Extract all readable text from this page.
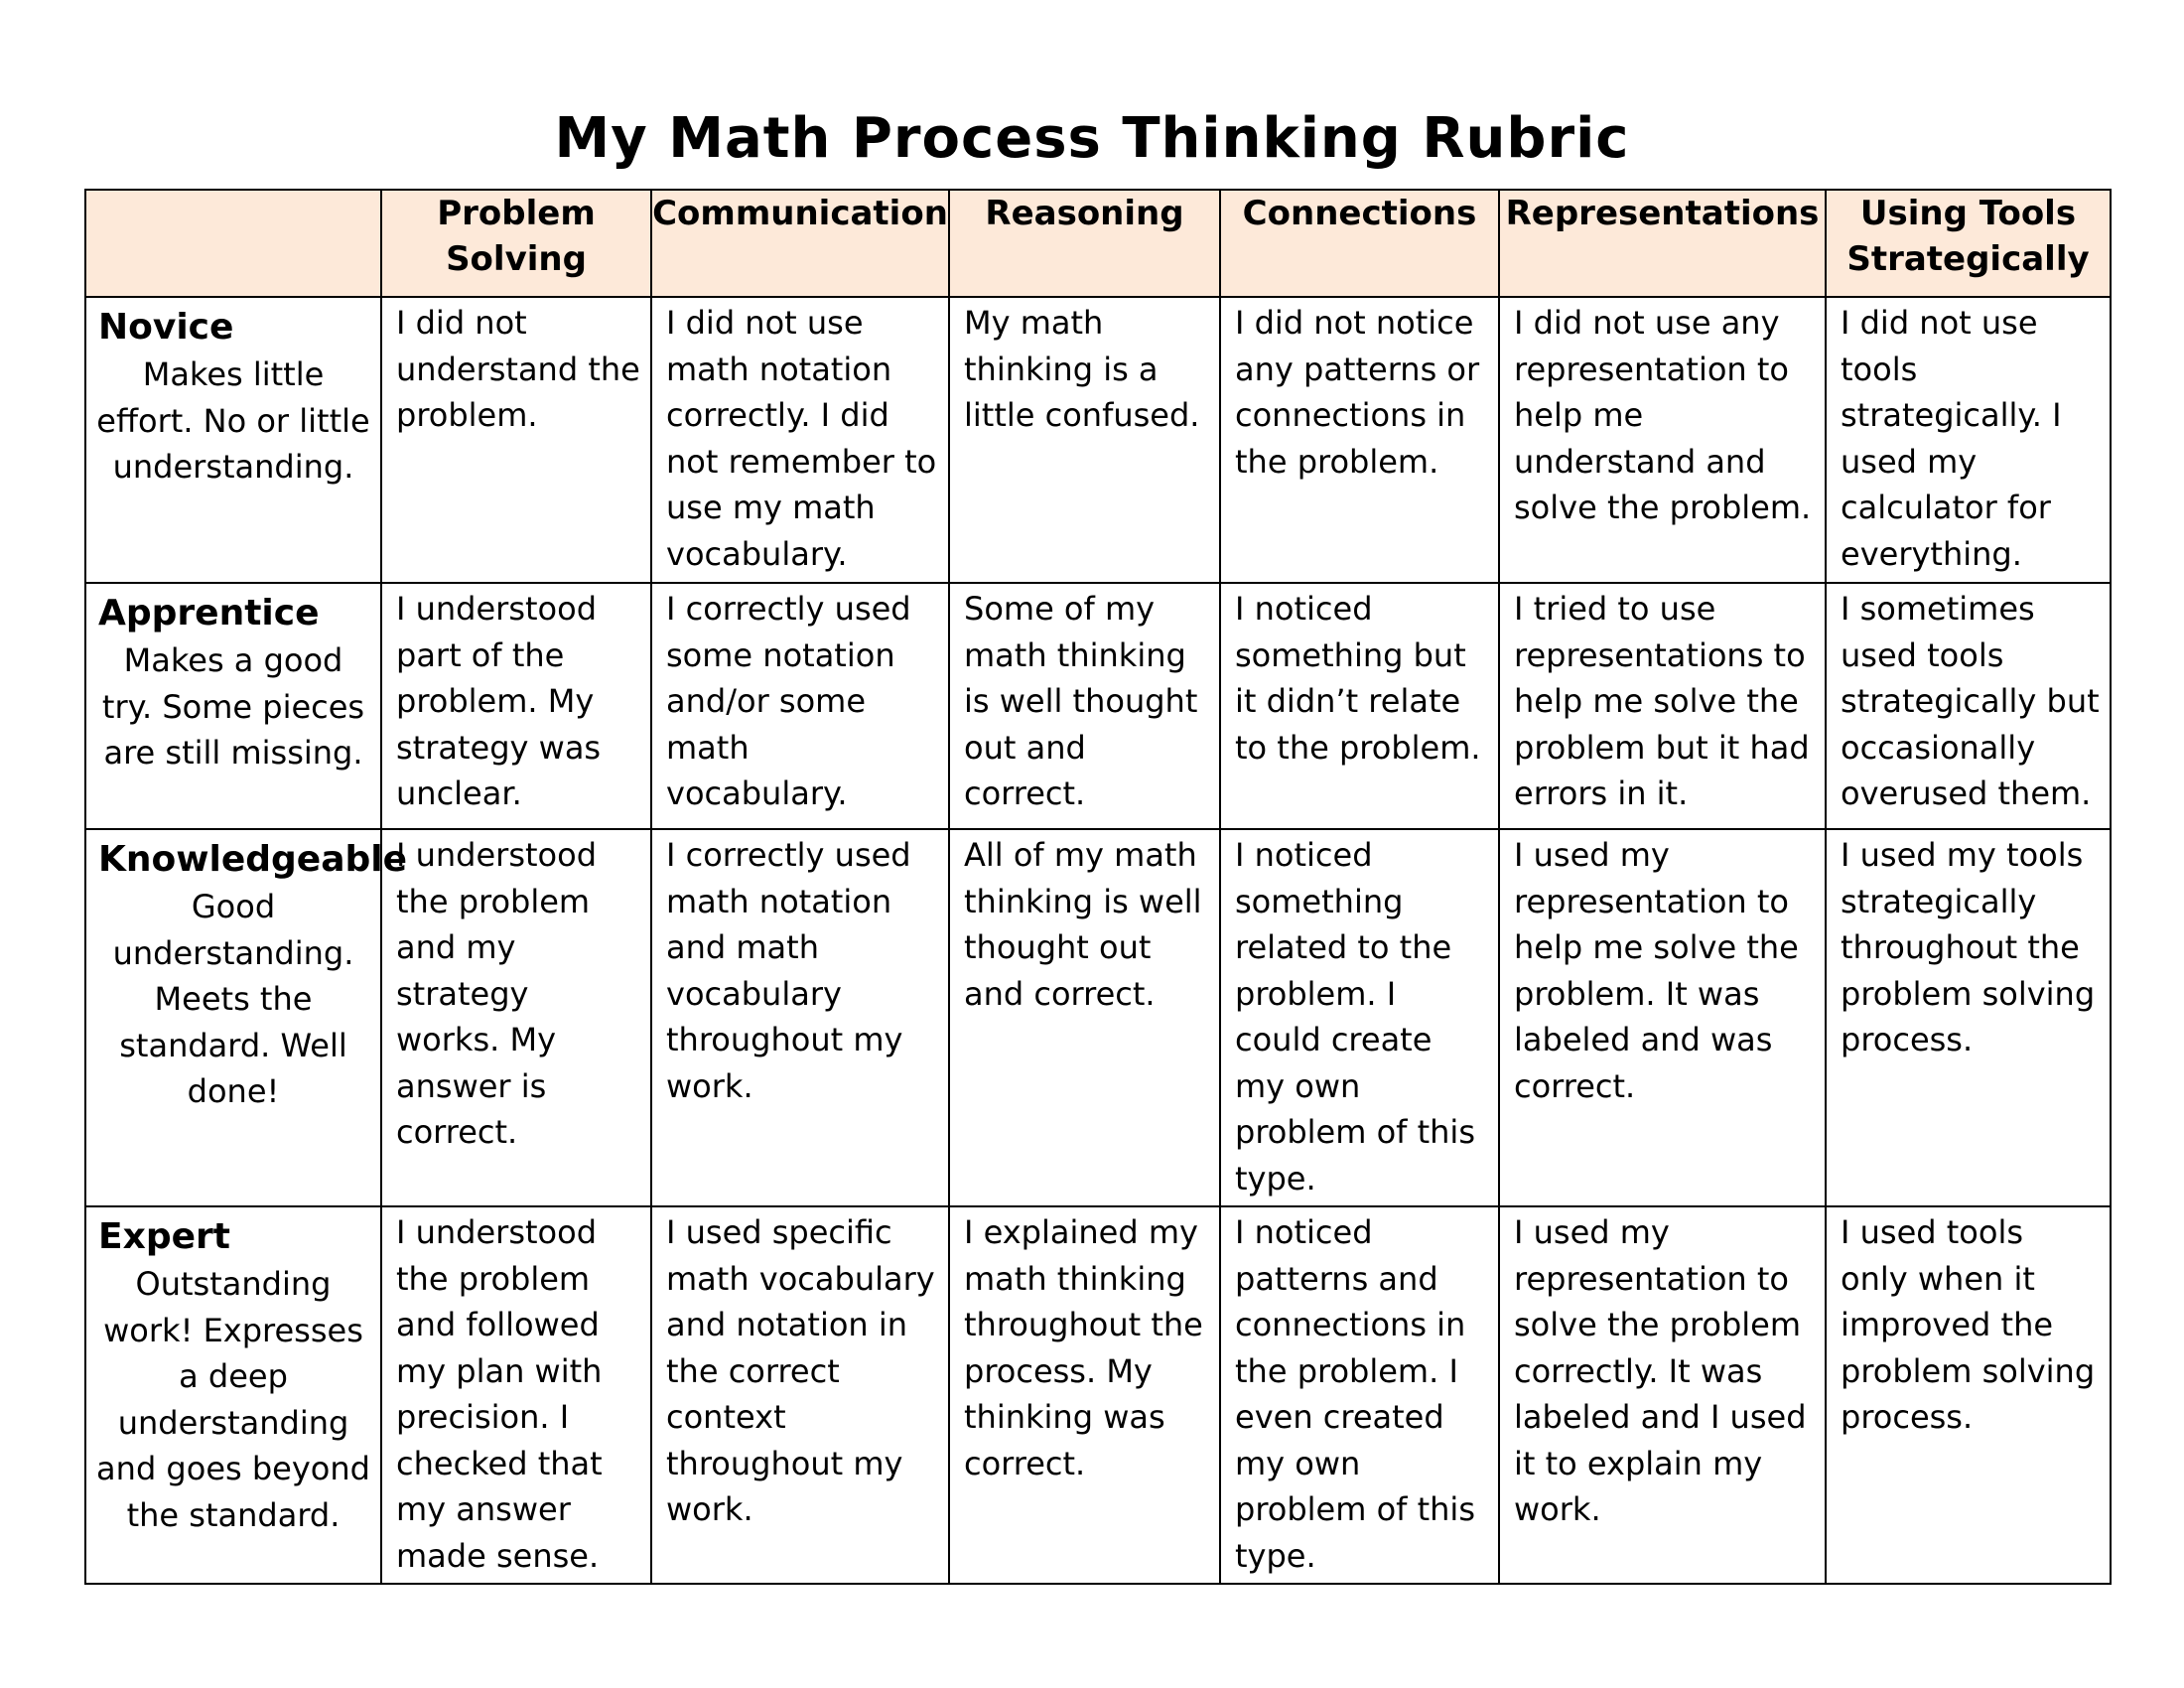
My Math Process Thinking Rubric
	Problem Solving	Communication	Reasoning	Connections	Representations	Using Tools Strategically

Novice
Makes little effort. No or little understanding.	I did not understand the problem.	I did not use math notation correctly. I did not remember to use my math vocabulary.	My math thinking is a little confused.	I did not notice any patterns or connections in the problem.	I did not use any representation to help me understand and solve the problem.	I did not use tools strategically. I used my calculator for everything.

Apprentice
Makes a good try. Some pieces are still missing.	I understood part of the problem. My strategy was unclear.	I correctly used some notation and/or some math vocabulary.	Some of my math thinking is well thought out and correct.	I noticed something but it didn’t relate to the problem.	I tried to use representations to help me solve the problem but it had errors in it.	I sometimes used tools strategically but occasionally overused them.

Knowledgeable
Good understanding. Meets the standard. Well done!	I understood the problem and my strategy works. My answer is correct.	I correctly used math notation and math vocabulary throughout my work.	All of my math thinking is well thought out and correct.	I noticed something related to the problem. I could create my own problem of this type.	I used my representation to help me solve the problem. It was labeled and was correct.	I used my tools strategically throughout the problem solving process.

Expert
Outstanding work! Expresses a deep understanding and goes beyond the standard.	I understood the problem and followed my plan with precision. I checked that my answer made sense.	I used specific math vocabulary and notation in the correct context throughout my work.	I explained my math thinking throughout the process. My thinking was correct.	I noticed patterns and connections in the problem. I even created my own problem of this type.	I used my representation to solve the problem correctly. It was labeled and I used it to explain my work.	I used tools only when it improved the problem solving process.
